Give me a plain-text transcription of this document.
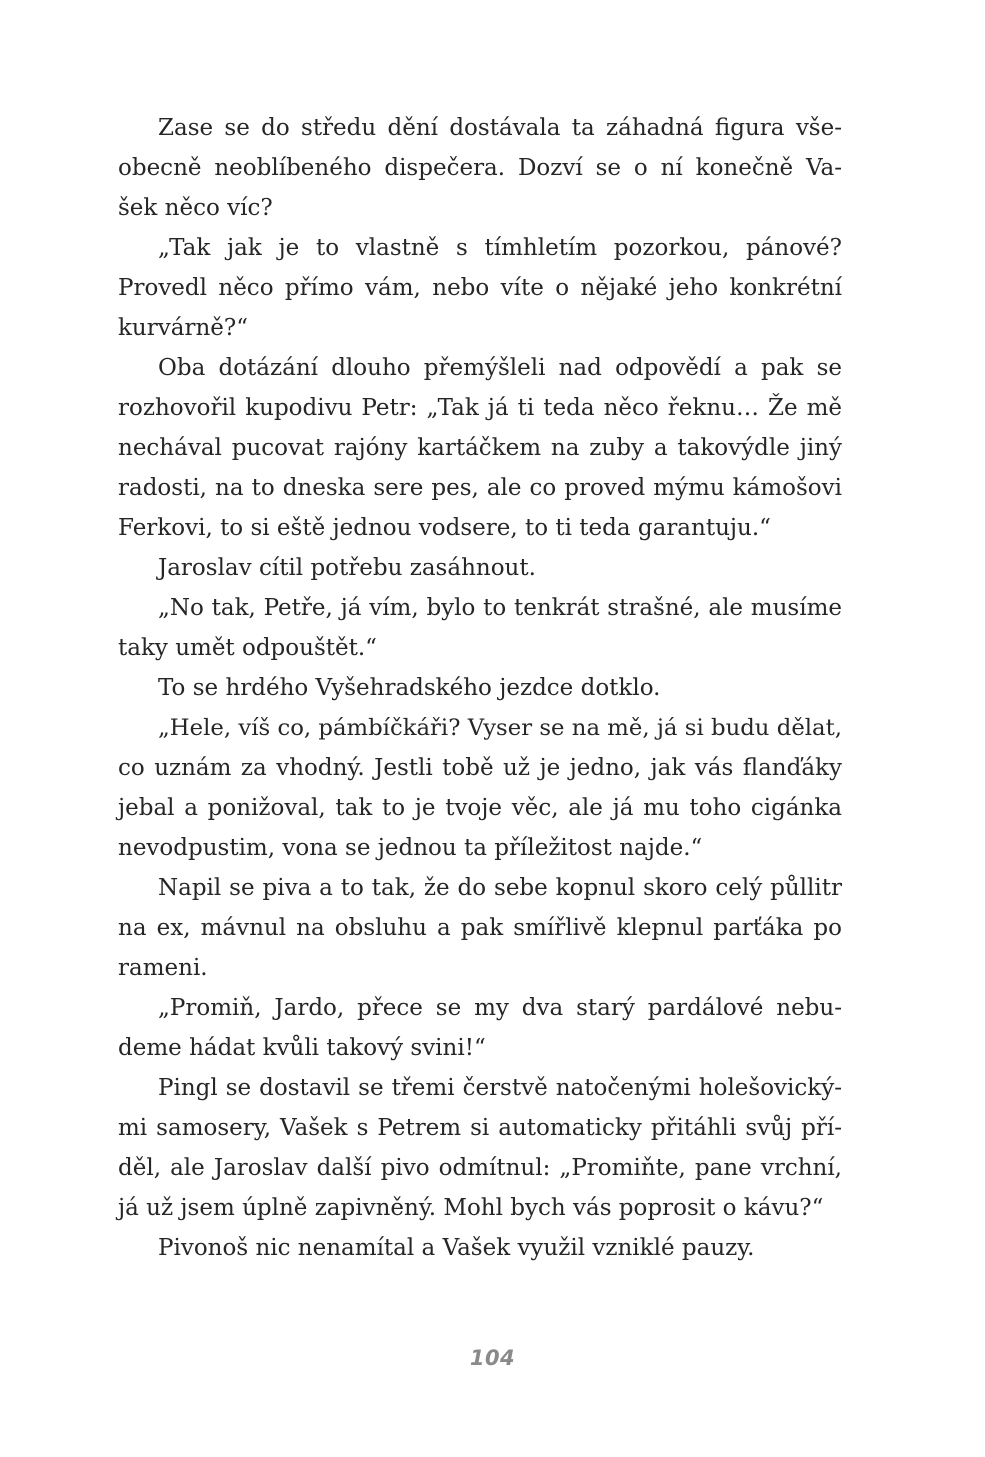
Zase se do středu dění dostávala ta záhadná figura vše-
obecně neoblíbeného dispečera. Dozví se o ní konečně Va-
šek něco víc?
„Tak jak je to vlastně s tímhletím pozorkou, pánové?
Provedl něco přímo vám, nebo víte o nějaké jeho konkrétní
kurvárně?“
Oba dotázání dlouho přemýšleli nad odpovědí a pak se
rozhovořil kupodivu Petr: „Tak já ti teda něco řeknu… Že mě
nechával pucovat rajóny kartáčkem na zuby a takovýdle jiný
radosti, na to dneska sere pes, ale co proved mýmu kámošovi
Ferkovi, to si eště jednou vodsere, to ti teda garantuju.“
Jaroslav cítil potřebu zasáhnout.
„No tak, Petře, já vím, bylo to tenkrát strašné, ale musíme
taky umět odpouštět.“
To se hrdého Vyšehradského jezdce dotklo.
„Hele, víš co, pámbíčkáři? Vyser se na mě, já si budu dělat,
co uznám za vhodný. Jestli tobě už je jedno, jak vás flanďáky
jebal a ponižoval, tak to je tvoje věc, ale já mu toho cigánka
nevodpustim, vona se jednou ta příležitost najde.“
Napil se piva a to tak, že do sebe kopnul skoro celý půllitr
na ex, mávnul na obsluhu a pak smířlivě klepnul parťáka po
rameni.
„Promiň, Jardo, přece se my dva starý pardálové nebu-
deme hádat kvůli takový svini!“
Pingl se dostavil se třemi čerstvě natočenými holešovický-
mi samosery, Vašek s Petrem si automaticky přitáhli svůj pří-
děl, ale Jaroslav další pivo odmítnul: „Promiňte, pane vrchní,
já už jsem úplně zapivněný. Mohl bych vás poprosit o kávu?“
Pivonoš nic nenamítal a Vašek využil vzniklé pauzy.
104
